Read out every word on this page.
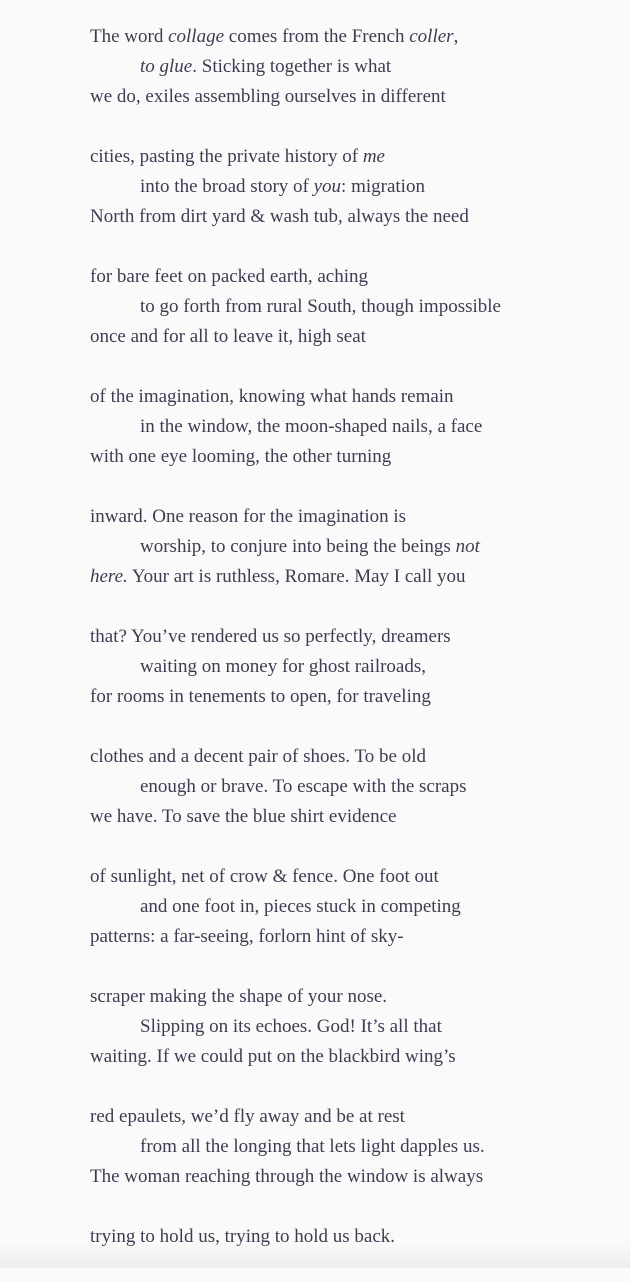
The word collage comes from the French coller,
to glue. Sticking together is what
we do, exiles assembling ourselves in different
cities, pasting the private history of me
into the broad story of you: migration
North from dirt yard & wash tub, always the need
for bare feet on packed earth, aching
to go forth from rural South, though impossible
once and for all to leave it, high seat
of the imagination, knowing what hands remain
in the window, the moon-shaped nails, a face
with one eye looming, the other turning
inward. One reason for the imagination is
worship, to conjure into being the beings not
here. Your art is ruthless, Romare. May I call you
that? You’ve rendered us so perfectly, dreamers
waiting on money for ghost railroads,
for rooms in tenements to open, for traveling
clothes and a decent pair of shoes. To be old
enough or brave. To escape with the scraps
we have. To save the blue shirt evidence
of sunlight, net of crow & fence. One foot out
and one foot in, pieces stuck in competing
patterns: a far-seeing, forlorn hint of sky-
scraper making the shape of your nose.
Slipping on its echoes. God! It’s all that
waiting. If we could put on the blackbird wing’s
red epaulets, we’d fly away and be at rest
from all the longing that lets light dapples us.
The woman reaching through the window is always
trying to hold us, trying to hold us back.
